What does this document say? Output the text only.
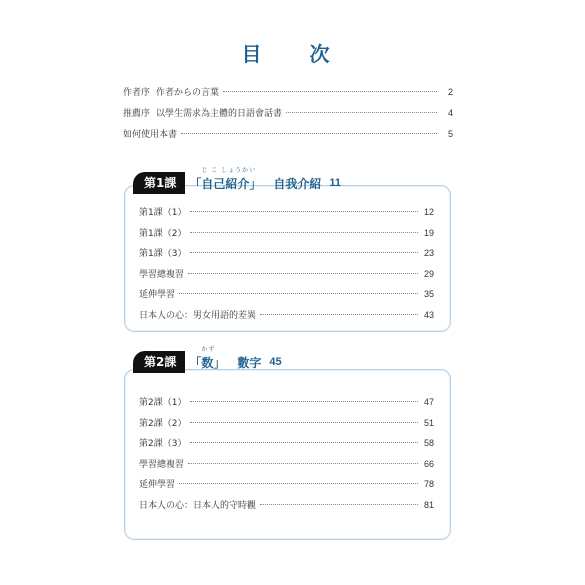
目　次
作者序 作者からの言葉	2
推薦序 以學生需求為主體的日語會話書	4
如何使用本書	5
第1課（1）	12
第1課（2）	19
第1課（3）	23
學習總複習	29
延伸學習	35
日本人の心：男女用語的差異	43
第1課
じ こ しょうかい
「自己紹介」 自我介紹 11
第2課（1）	47
第2課（2）	51
第2課（3）	58
學習總複習	66
延伸學習	78
日本人の心：日本人的守時觀	81
第2課
かず
「数」 數字 45
